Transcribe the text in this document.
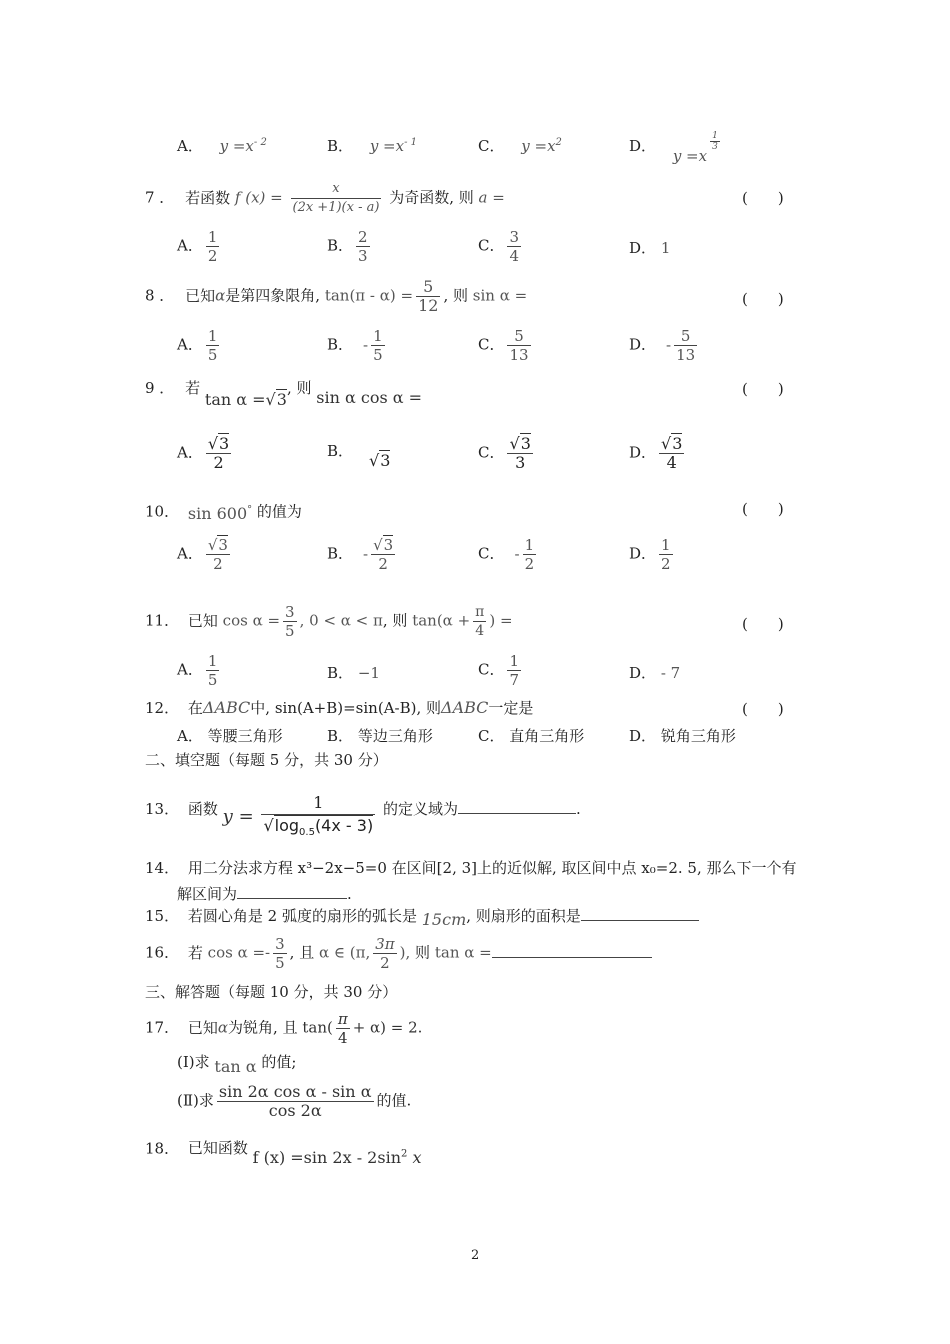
A． $y =x^{- 2}$	B． $y =x^{- 1}$	C． $y =x^2$	D． y =x
$\frac{1}{3}$
7 ． 若函数 f $(x) = \frac{x}{(2x +1)(x - a)}$ 为奇函数, 则 a =	(　　)
A． $\frac{1}{2}$	B． $\frac{2}{3}$	C． $\frac{3}{4}$	D． 1
8 ． 已知α是第四象限角, $\tan(\pi - \alpha) = \frac{5}{12}$ , 则 sin α =	(　　)
A． $\frac{1}{5}$	B． - $\frac{1}{5}$	C． $\frac{5}{13}$	D． - $\frac{5}{13}$
9 ． 若 tan α =√3, 则 sin α cos α =	(　　)
A． $\frac{√3}{2}$	B． √3	C． $\frac{√3}{3}$	D． $\frac{√3}{4}$
10． sin 600° 的值为	(　　)
A． $\frac{√3}{2}$	B． - $\frac{√3}{2}$	C． - $\frac{1}{2}$	D． $\frac{1}{2}$
11． 已知 $\cos \alpha = \frac{3}{5}$ , 0 < α < π, 则 $\tan(\alpha + \frac{\pi}{4}$ ) =	(　　)
A． $\frac{1}{5}$	B． −1	C． $\frac{1}{7}$	D． - 7
12． 在ΔABC中, sin(A+B)=sin(A-B), 则ΔABC一定是	(　　)
A． 等腰三角形	B． 等边三角形	C． 直角三角形	D． 锐角三角形
二、填空题（每题 5 分，共 30 分）
13． 函数 $y = \frac{1}{√\log_{0.5}(4x - 3)}$ 的定义域为	.
14． 用二分法求方程 x³−2x−5=0 在区间[2, 3]上的近似解, 取区间中点 x₀=2. 5, 那么下一个有
解区间为	.
15． 若圆心角是 2 弧度的扇形的弧长是 15cm, 则扇形的面积是
16． 若 $\cos \alpha =- \frac{3}{5}$ , 且 α ∈ (π, $\frac{3\pi}{2}$ ), 则 tan α =
三、解答题（每题 10 分，共 30 分）
17． 已知α为锐角, 且 $\tan( \frac{\pi}{4} + \alpha) = 2$.
(Ⅰ)求 tan α 的值;
(Ⅱ)求 $\frac{\text{sin 2α cos α - sin α}}{\cos 2\alpha}$ 的值.
18． 已知函数 f (x) =sin $2x - 2\sin^2$ x
2
